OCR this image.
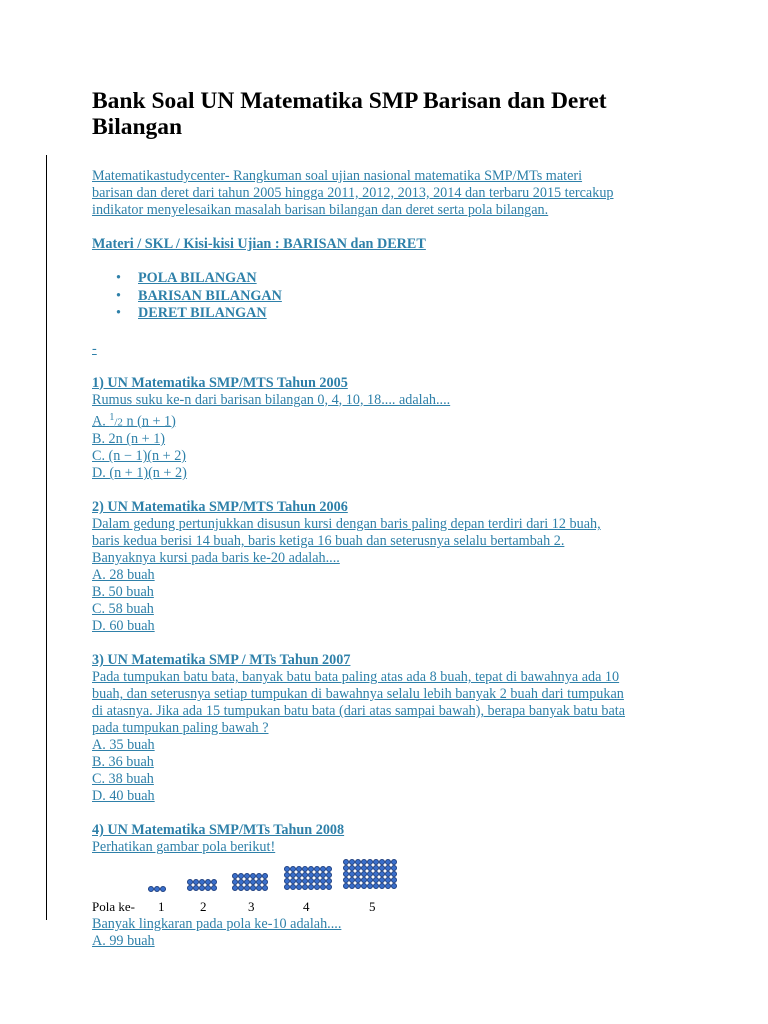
Bank Soal UN Matematika SMP Barisan dan Deret Bilangan
Matematikastudycenter- Rangkuman soal ujian nasional matematika SMP/MTs materi
barisan dan deret dari tahun 2005 hingga 2011, 2012, 2013, 2014 dan terbaru 2015 tercakup
indikator menyelesaikan masalah barisan bilangan dan deret serta pola bilangan.
Materi / SKL / Kisi-kisi Ujian : BARISAN dan DERET
• POLA BILANGAN
• BARISAN BILANGAN
• DERET BILANGAN
-
1) UN Matematika SMP/MTS Tahun 2005
Rumus suku ke-n dari barisan bilangan 0, 4, 10, 18.... adalah....
A. $^1$/2 n (n + 1)
B. 2n (n + 1)
C. (n − 1)(n + 2)
D. (n + 1)(n + 2)
2) UN Matematika SMP/MTS Tahun 2006
Dalam gedung pertunjukkan disusun kursi dengan baris paling depan terdiri dari 12 buah,
baris kedua berisi 14 buah, baris ketiga 16 buah dan seterusnya selalu bertambah 2.
Banyaknya kursi pada baris ke-20 adalah....
A. 28 buah
B. 50 buah
C. 58 buah
D. 60 buah
3) UN Matematika SMP / MTs Tahun 2007
Pada tumpukan batu bata, banyak batu bata paling atas ada 8 buah, tepat di bawahnya ada 10
buah, dan seterusnya setiap tumpukan di bawahnya selalu lebih banyak 2 buah dari tumpukan
di atasnya. Jika ada 15 tumpukan batu bata (dari atas sampai bawah), berapa banyak batu bata
pada tumpukan paling bawah ?
A. 35 buah
B. 36 buah
C. 38 buah
D. 40 buah
4) UN Matematika SMP/MTs Tahun 2008
Perhatikan gambar pola berikut!
Pola ke- 1	2	3	4	5
Banyak lingkaran pada pola ke-10 adalah....
A. 99 buah
